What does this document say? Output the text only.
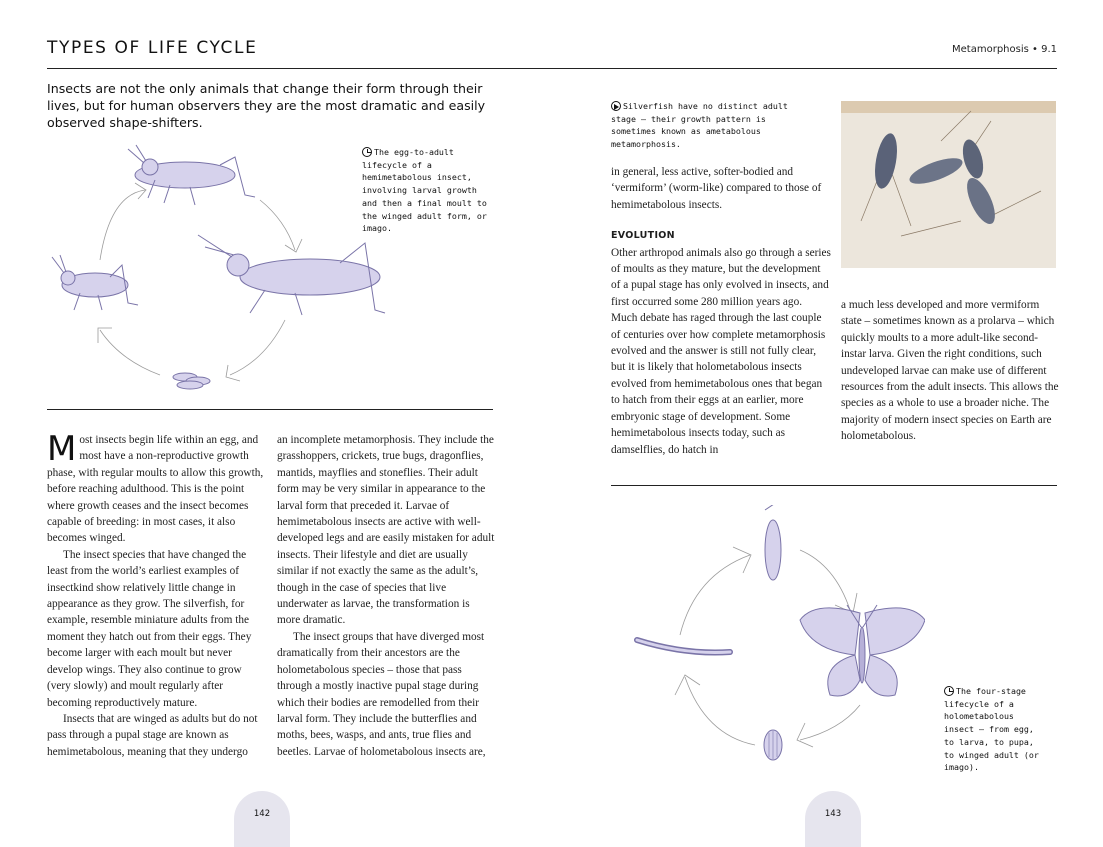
TYPES OF LIFE CYCLE	Metamorphosis • 9.1
Insects are not the only animals that change their form through their lives, but for human observers they are the most dramatic and easily observed shape-shifters.
The egg-to-adult lifecycle of a hemimetabolous insect, involving larval growth and then a final moult to the winged adult form, or imago.

Most insects begin life within an egg, and most have a non-reproductive growth phase, with regular moults to allow this growth, before reaching adulthood. This is the point where growth ceases and the insect becomes capable of breeding: in most cases, it also becomes winged.

The insect species that have changed the least from the world’s earliest examples of insectkind show relatively little change in appearance as they grow. The silverfish, for example, resemble miniature adults from the moment they hatch out from their eggs. They become larger with each moult but never develop wings. They also continue to grow (very slowly) and moult regularly after becoming reproductively mature.

Insects that are winged as adults but do not pass through a pupal stage are known as hemimetabolous, meaning that they undergo

an incomplete metamorphosis. They include the grasshoppers, crickets, true bugs, dragonflies, mantids, mayflies and stoneflies. Their adult form may be very similar in appearance to the larval form that preceded it. Larvae of hemimetabolous insects are active with well-developed legs and are easily mistaken for adult insects. Their lifestyle and diet are usually similar if not exactly the same as the adult’s, though in the case of species that live underwater as larvae, the transformation is more dramatic.

The insect groups that have diverged most dramatically from their ancestors are the holometabolous species – those that pass through a mostly inactive pupal stage during which their bodies are remodelled from their larval form. They include the butterflies and moths, bees, wasps, and ants, true flies and beetles. Larvae of holometabolous insects are,

Silverfish have no distinct adult stage – their growth pattern is sometimes known as ametabolous metamorphosis.

in general, less active, softer-bodied and ‘vermiform’ (worm-like) compared to those of hemimetabolous insects.

EVOLUTION

Other arthropod animals also go through a series of moults as they mature, but the development of a pupal stage has only evolved in insects, and first occurred some 280 million years ago. Much debate has raged through the last couple of centuries over how complete metamorphosis evolved and the answer is still not fully clear, but it is likely that holometabolous insects evolved from hemimetabolous ones that began to hatch from their eggs at an earlier, more embryonic stage of development. Some hemimetabolous insects today, such as damselflies, do hatch in

a much less developed and more vermiform state – sometimes known as a prolarva – which quickly moults to a more adult-like second-instar larva. Given the right conditions, such undeveloped larvae can make use of different resources from the adult insects. This allows the species as a whole to use a broader niche. The majority of modern insect species on Earth are holometabolous.

The four-stage lifecycle of a holometabolous insect – from egg, to larva, to pupa, to winged adult (or imago).
142	143
